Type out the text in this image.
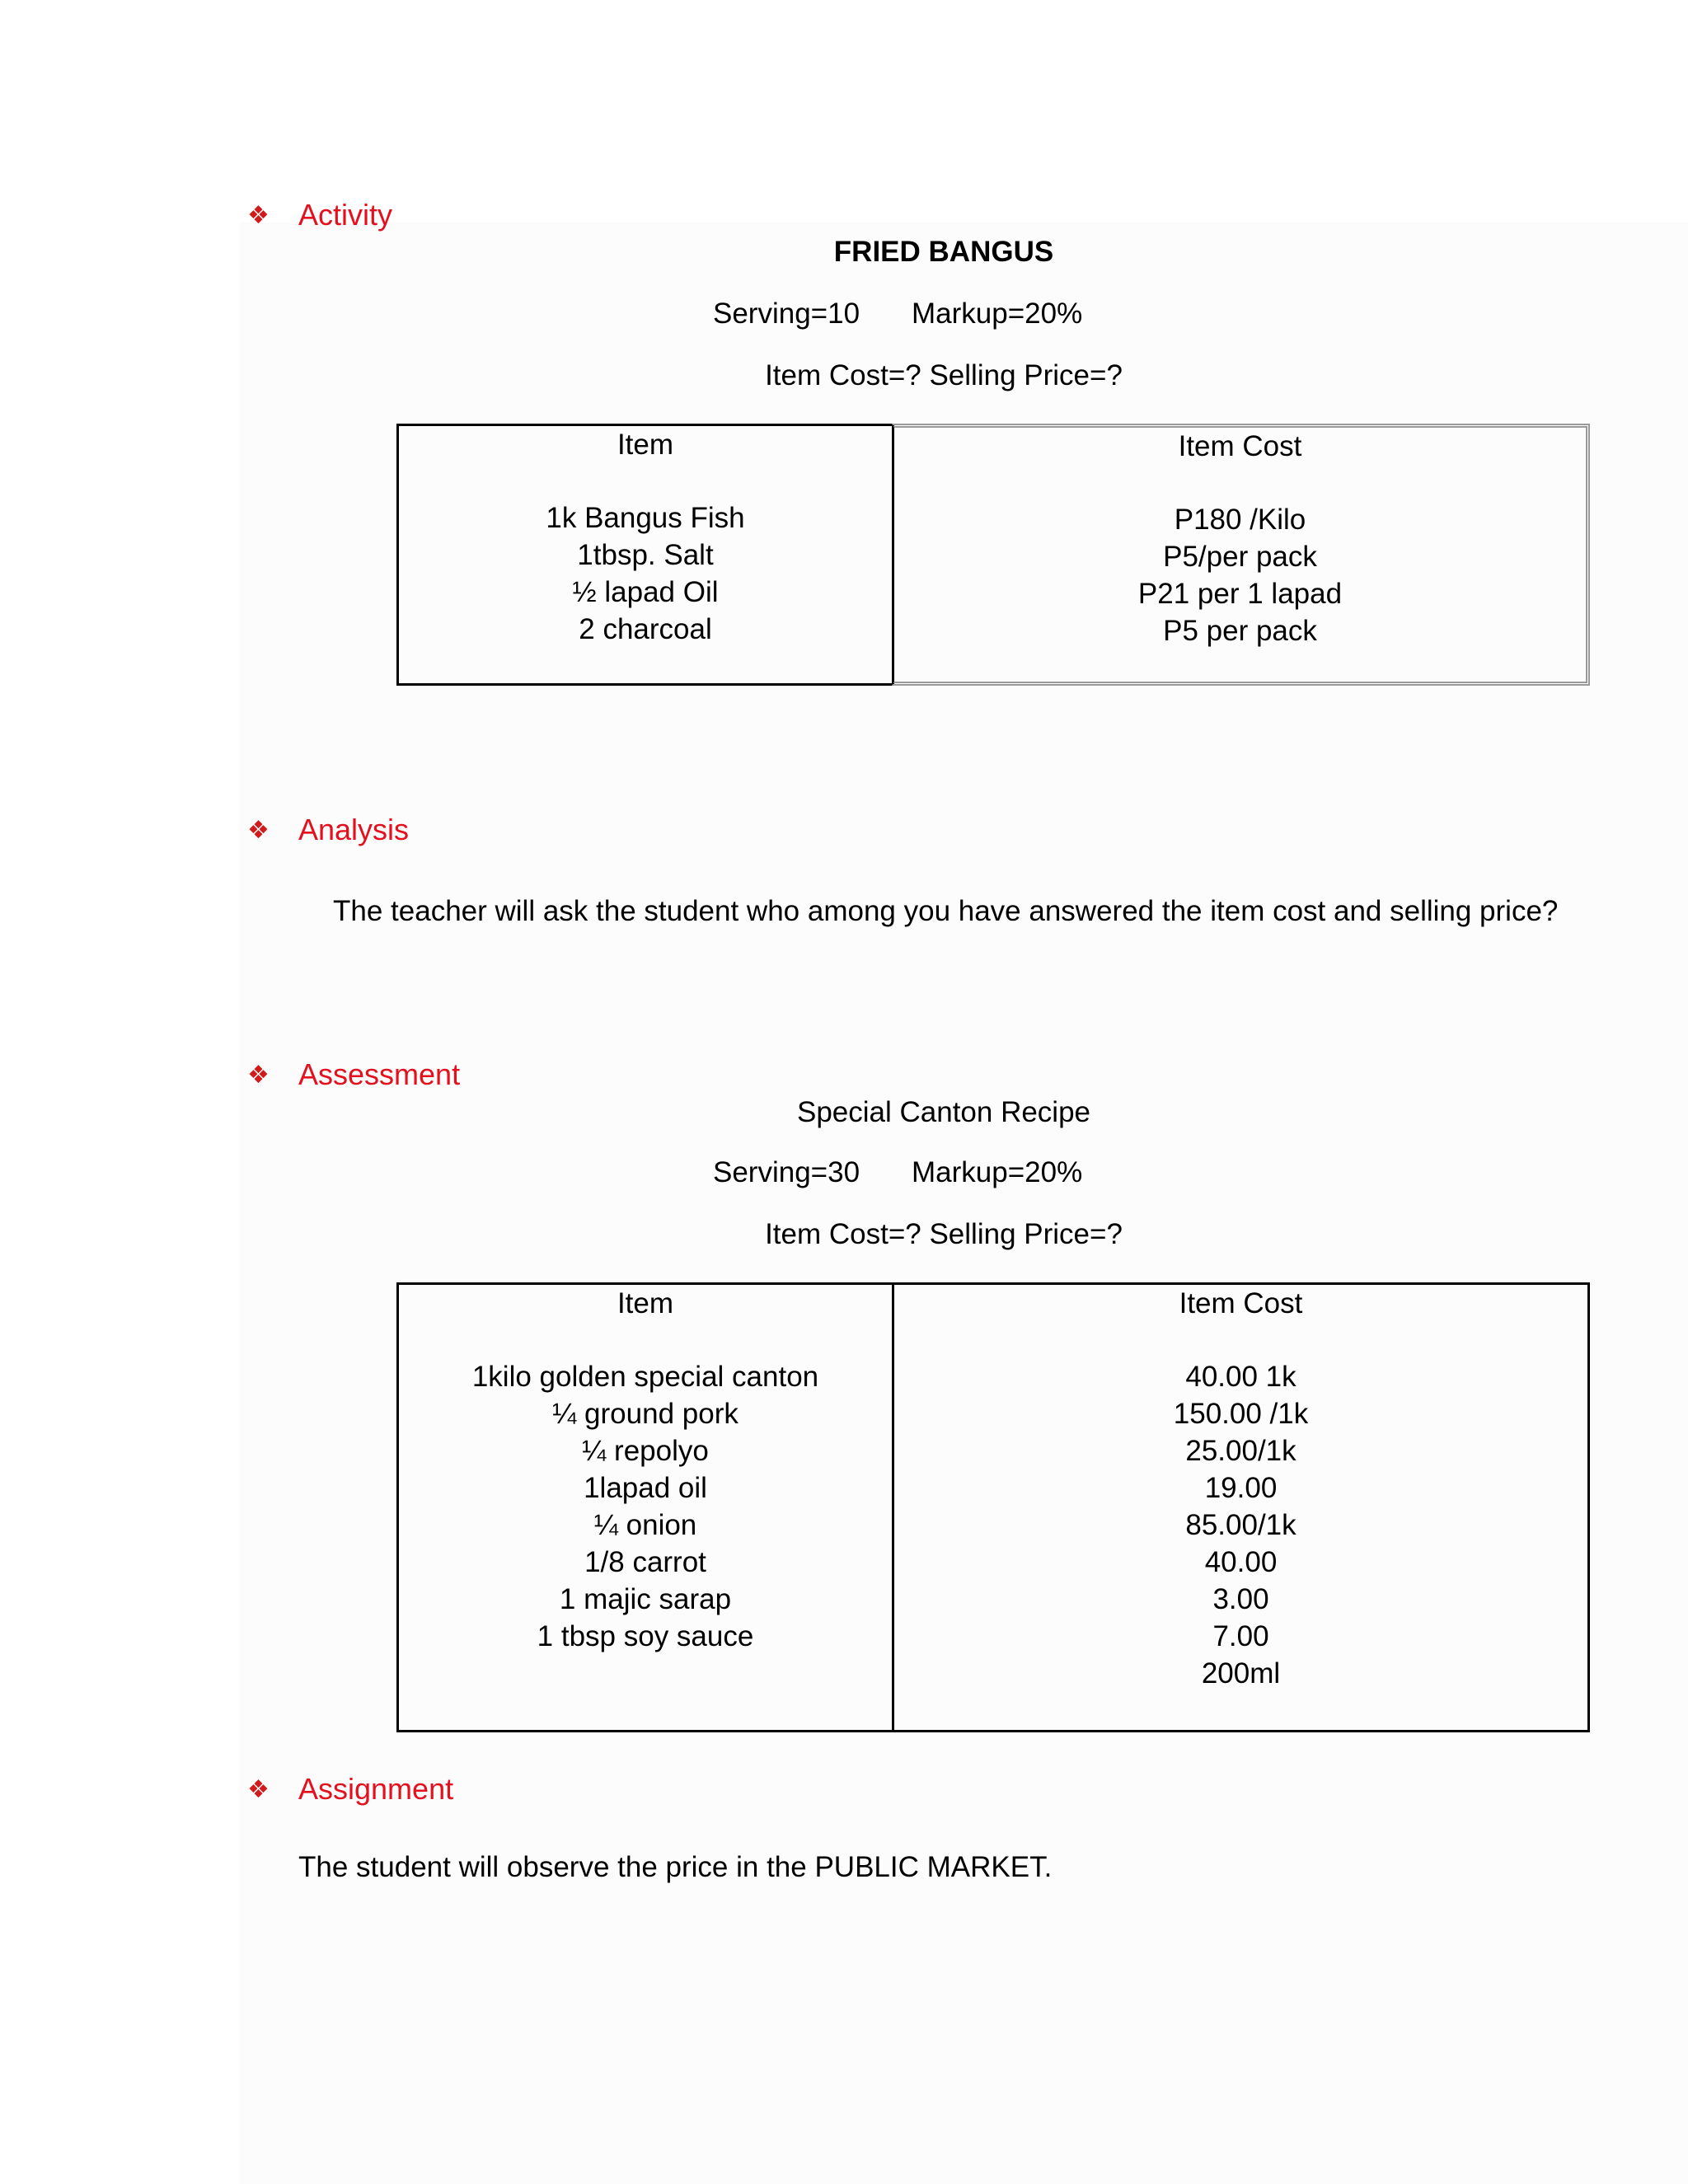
❖ Activity
FRIED BANGUS
Serving=10 Markup=20%
Item Cost=? Selling Price=?
Item
1k Bangus Fish
1tbsp. Salt
½ lapad Oil
2 charcoal
Item Cost
P180 /Kilo
P5/per pack
P21 per 1 lapad
P5 per pack
❖ Analysis
The teacher will ask the student who among you have answered the item cost and selling price?
❖ Assessment
Special Canton Recipe
Serving=30 Markup=20%
Item Cost=? Selling Price=?
Item
1kilo golden special canton
¼ ground pork
¼ repolyo
1lapad oil
¼ onion
1/8 carrot
1 majic sarap
1 tbsp soy sauce
Item Cost
40.00 1k
150.00 /1k
25.00/1k
19.00
85.00/1k
40.00
3.00
7.00
200ml
❖ Assignment
The student will observe the price in the PUBLIC MARKET.
